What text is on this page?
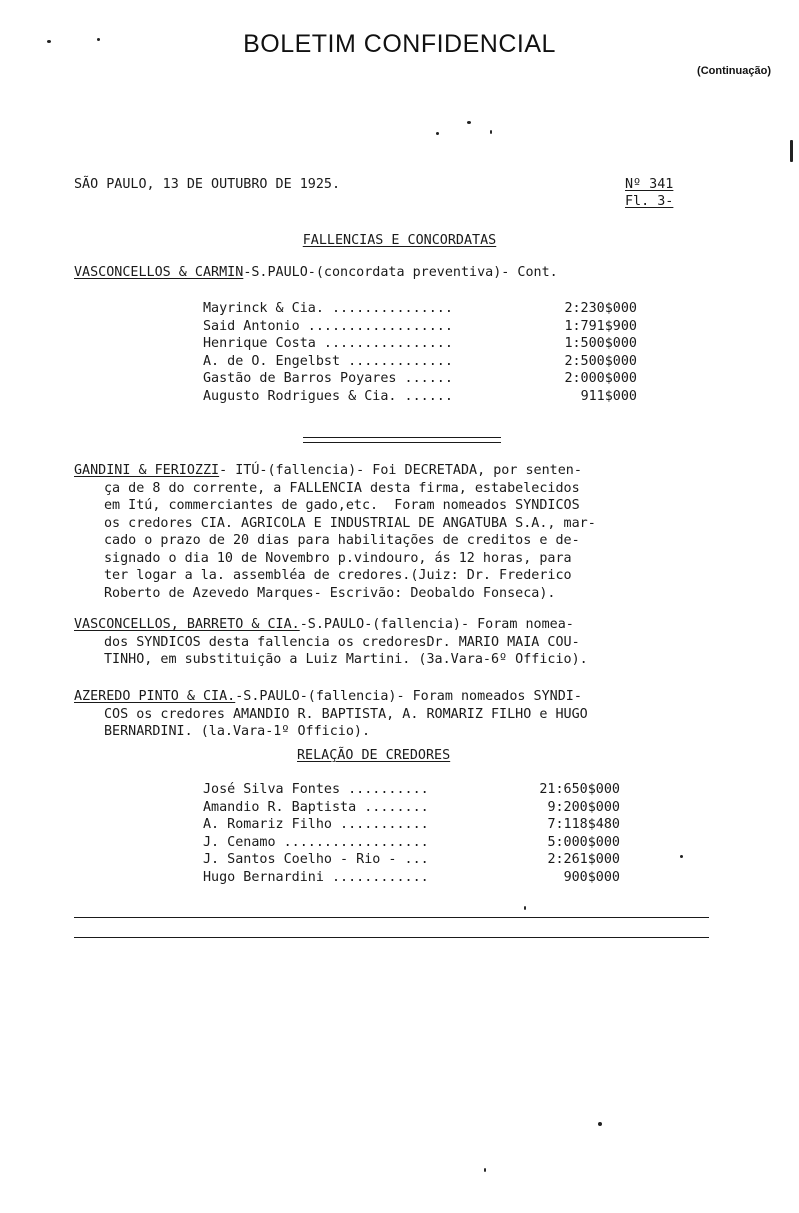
BOLETIM CONFIDENCIAL
(Continuação)
SÃO PAULO, 13 DE OUTUBRO DE 1925.	Nº 341
Fl. 3-
FALLENCIAS E CONCORDATAS
VASCONCELLOS & CARMIN-S.PAULO-(concordata preventiva)- Cont.
Mayrinck & Cia. ...............	2:230$000
Said Antonio ..................	1:791$900
Henrique Costa ................	1:500$000
A. de O. Engelbst .............	2:500$000
Gastão de Barros Poyares ......	2:000$000
Augusto Rodrigues & Cia. ......	911$000
GANDINI & FERIOZZI- ITÚ-(fallencia)- Foi DECRETADA, por senten-
ça de 8 do corrente, a FALLENCIA desta firma, estabelecidos
em Itú, commerciantes de gado,etc.  Foram nomeados SYNDICOS
os credores CIA. AGRICOLA E INDUSTRIAL DE ANGATUBA S.A., mar-
cado o prazo de 20 dias para habilitações de creditos e de-
signado o dia 10 de Novembro p.vindouro, ás 12 horas, para
ter logar a la. assembléa de credores.(Juiz: Dr. Frederico
Roberto de Azevedo Marques- Escrivão: Deobaldo Fonseca).
VASCONCELLOS, BARRETO & CIA.-S.PAULO-(fallencia)- Foram nomea-
dos SYNDICOS desta fallencia os credoresDr. MARIO MAIA COU-
TINHO, em substituição a Luiz Martini. (3a.Vara-6º Officio).
AZEREDO PINTO & CIA.-S.PAULO-(fallencia)- Foram nomeados SYNDI-
COS os credores AMANDIO R. BAPTISTA, A. ROMARIZ FILHO e HUGO
BERNARDINI. (la.Vara-1º Officio).
RELAÇÃO DE CREDORES
José Silva Fontes ..........	21:650$000
Amandio R. Baptista ........	9:200$000
A. Romariz Filho ...........	7:118$480
J. Cenamo ..................	5:000$000
J. Santos Coelho - Rio - ...	2:261$000
Hugo Bernardini ............	900$000
